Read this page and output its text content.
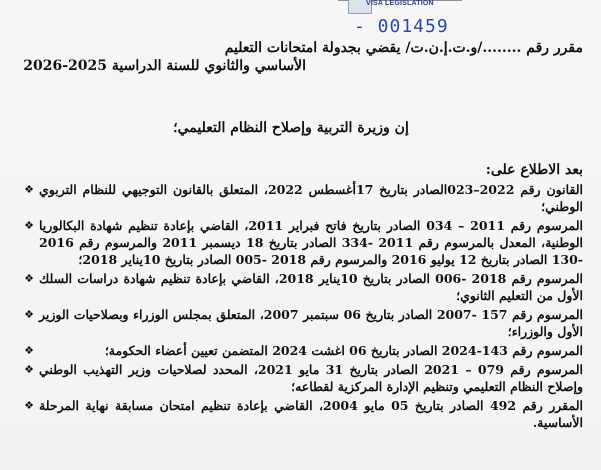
VISA LEGISLATION
- 001459
مقرر رقم ......../و.ت.إ.ن.ت/ يقضي بجدولة امتحانات التعليم
الأساسي والثانوي للسنة الدراسية 2025-2026
إن وزيرة التربية وإصلاح النظام التعليمي؛
بعد الاطلاع على:
❖ القانون رقم 2022–023الصادر بتاريخ 17أغسطس 2022، المتعلق بالقانون التوجيهي للنظام التربوي الوطني؛
❖ المرسوم رقم 2011 – 034 الصادر بتاريخ فاتح فبراير 2011، القاضي بإعادة تنظيم شهادة البكالوريا الوطنية، المعدل بالمرسوم رقم 2011 -334 الصادر بتاريخ 18 ديسمبر 2011 والمرسوم رقم 2016 -130 الصادر بتاريخ 12 يوليو 2016 والمرسوم رقم 2018 -005 الصادر بتاريخ 10يناير 2018؛
❖ المرسوم رقم 2018 -006 الصادر بتاريخ 10يناير 2018، القاضي بإعادة تنظيم شهادة دراسات السلك الأول من التعليم الثانوي؛
❖ المرسوم رقم 157 -2007 الصادر بتاريخ 06 سبتمبر 2007، المتعلق بمجلس الوزراء وبصلاحيات الوزير الأول والوزراء؛
❖	المرسوم رقم 143-2024 الصادر بتاريخ 06 اغشت 2024 المتضمن تعيين أعضاء الحكومة؛
❖ المرسوم رقم 079 – 2021 الصادر بتاريخ 31 مايو 2021، المحدد لصلاحيات وزير التهذيب الوطني وإصلاح النظام التعليمي وتنظيم الإدارة المركزية لقطاعه؛
❖ المقرر رقم 492 الصادر بتاريخ 05 مايو 2004، القاضي بإعادة تنظيم امتحان مسابقة نهاية المرحلة الأساسية.
